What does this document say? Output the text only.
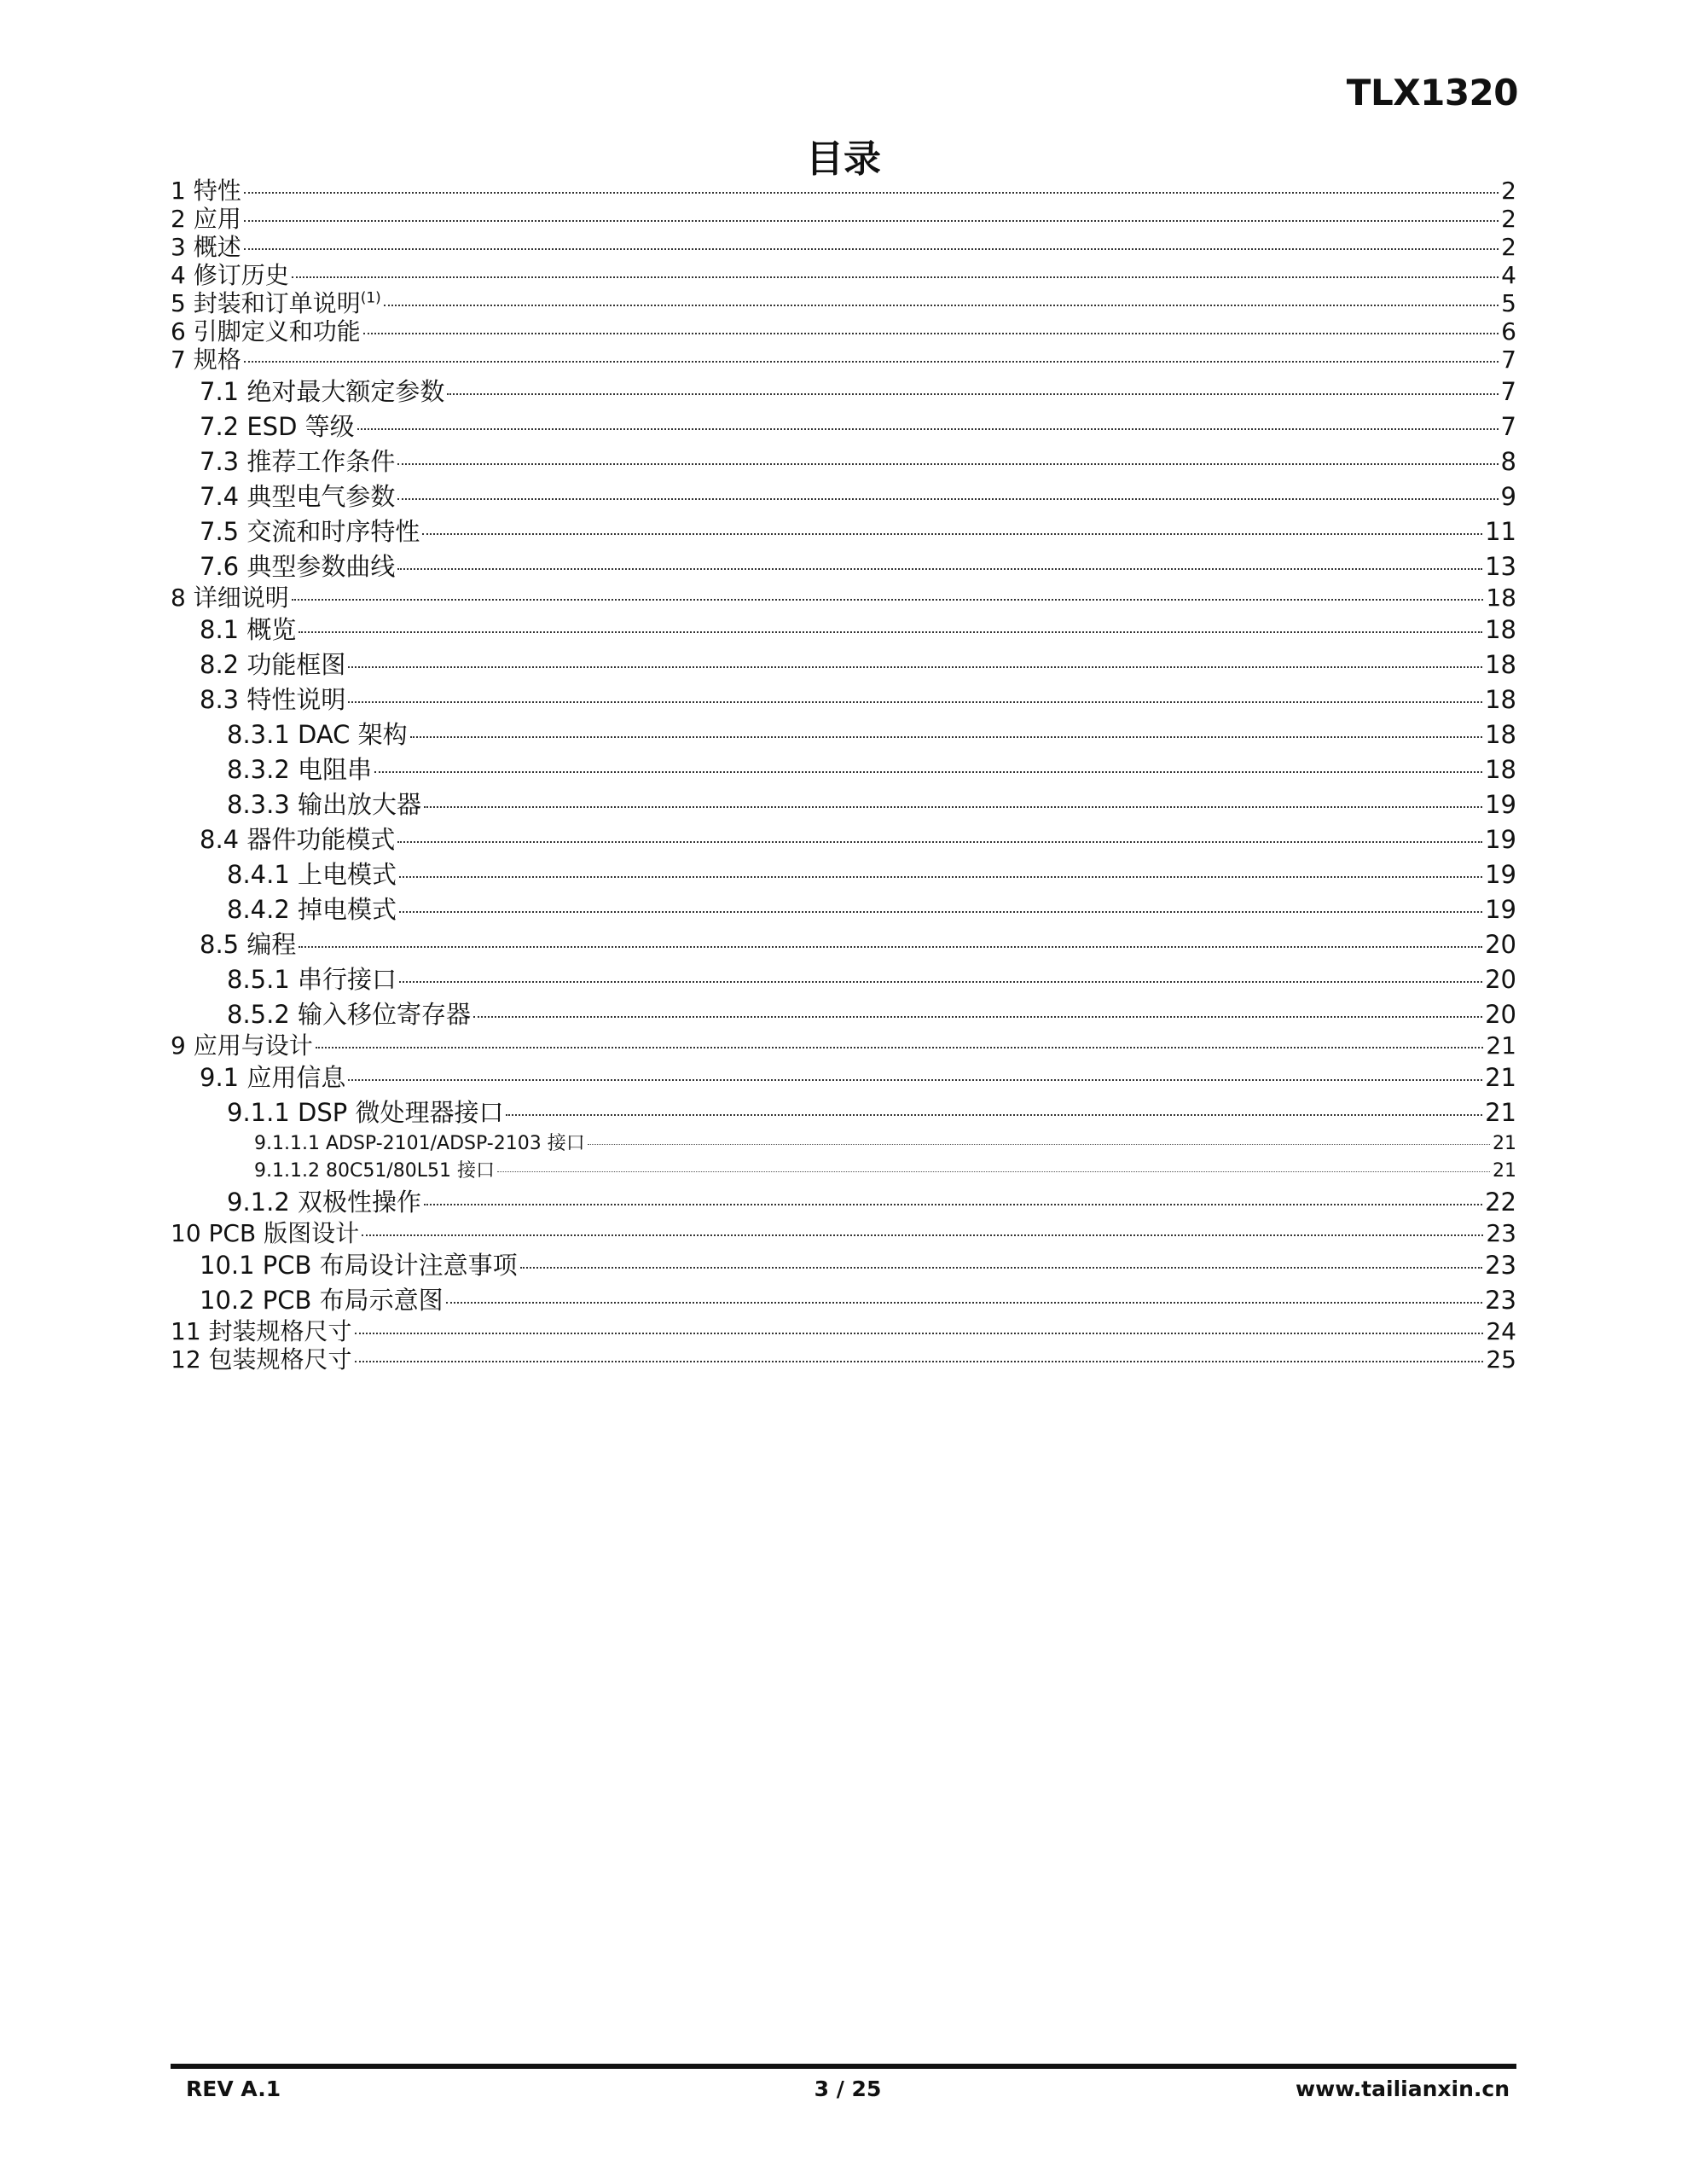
TLX1320
目录
1 特性	2
2 应用	2
3 概述	2
4 修订历史	4
5 封装和订单说明$^{(1)}$	5
6 引脚定义和功能	6
7 规格	7
7.1 绝对最大额定参数	7
7.2 ESD 等级	7
7.3 推荐工作条件	8
7.4 典型电气参数	9
7.5 交流和时序特性	11
7.6 典型参数曲线	13
8 详细说明	18
8.1 概览	18
8.2 功能框图	18
8.3 特性说明	18
8.3.1 DAC 架构	18
8.3.2 电阻串	18
8.3.3 输出放大器	19
8.4 器件功能模式	19
8.4.1 上电模式	19
8.4.2 掉电模式	19
8.5 编程	20
8.5.1 串行接口	20
8.5.2 输入移位寄存器	20
9 应用与设计	21
9.1 应用信息	21
9.1.1 DSP 微处理器接口	21
9.1.1.1 ADSP-2101/ADSP-2103 接口	21
9.1.1.2 80C51/80L51 接口	21
9.1.2 双极性操作	22
10 PCB 版图设计	23
10.1 PCB 布局设计注意事项	23
10.2 PCB 布局示意图	23
11 封装规格尺寸	24
12 包装规格尺寸	25
REV A.1	3 / 25	www.tailianxin.cn
